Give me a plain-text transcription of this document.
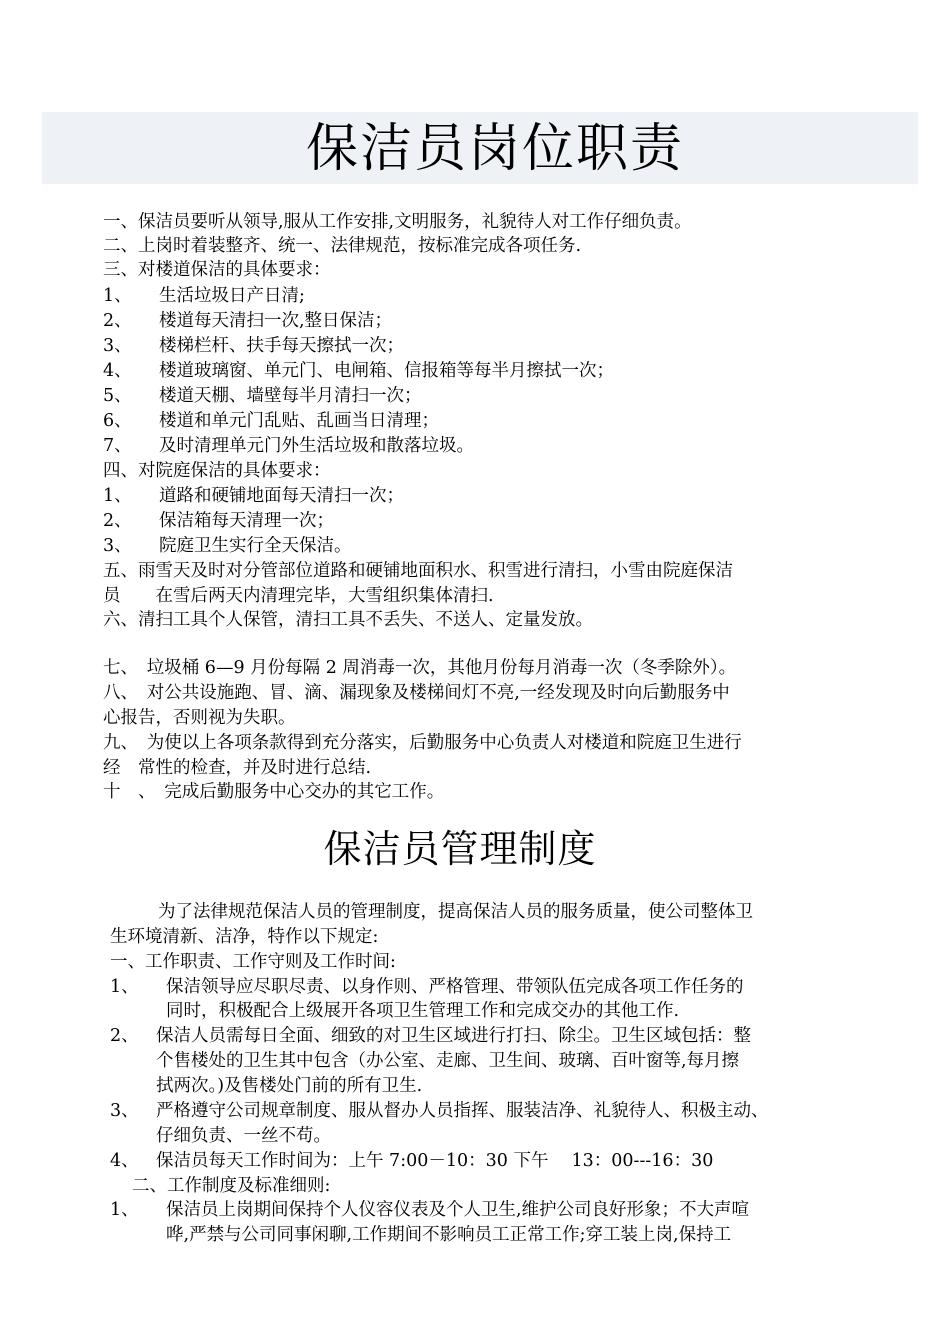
保洁员岗位职责
一、保洁员要听从领导,服从工作安排,文明服务，礼貌待人对工作仔细负责。
二、上岗时着装整齐、统一、法律规范，按标准完成各项任务.
三、对楼道保洁的具体要求：
1、 生活垃圾日产日清;
2、 楼道每天清扫一次,整日保洁；
3、 楼梯栏杆、扶手每天擦拭一次；
4、 楼道玻璃窗、单元门、电闸箱、信报箱等每半月擦拭一次；
5、 楼道天棚、墙壁每半月清扫一次；
6、 楼道和单元门乱贴、乱画当日清理；
7、 及时清理单元门外生活垃圾和散落垃圾。
四、对院庭保洁的具体要求：
1、 道路和硬铺地面每天清扫一次；
2、 保洁箱每天清理一次；
3、 院庭卫生实行全天保洁。
五、雨雪天及时对分管部位道路和硬铺地面积水、积雪进行清扫，小雪由院庭保洁
员　　在雪后两天内清理完毕，大雪组织集体清扫.
六、清扫工具个人保管，清扫工具不丢失、不送人、定量发放。
七、　垃圾桶 6—9 月份每隔 2 周消毒一次，其他月份每月消毒一次（冬季除外）。
八、　对公共设施跑、冒、滴、漏现象及楼梯间灯不亮,一经发现及时向后勤服务中
心报告，否则视为失职。
九、　为使以上各项条款得到充分落实，后勤服务中心负责人对楼道和院庭卫生进行
经　常性的检查，并及时进行总结.
十　、　完成后勤服务中心交办的其它工作。
保洁员管理制度
为了法律规范保洁人员的管理制度，提高保洁人员的服务质量，使公司整体卫
生环境清新、洁净，特作以下规定:
一、工作职责、工作守则及工作时间:
1、 保洁领导应尽职尽责、以身作则、严格管理、带领队伍完成各项工作任务的
同时，积极配合上级展开各项卫生管理工作和完成交办的其他工作.
2、 保洁人员需每日全面、细致的对卫生区域进行打扫、除尘。卫生区域包括：整
个售楼处的卫生其中包含（办公室、走廊、卫生间、玻璃、百叶窗等,每月擦
拭两次。)及售楼处门前的所有卫生.
3、 严格遵守公司规章制度、服从督办人员指挥、服装洁净、礼貌待人、积极主动、
仔细负责、一丝不苟。
4、 保洁员每天工作时间为：上午 7:00－10：30 下午　 13：00---16：30
二、工作制度及标准细则:
1、 保洁员上岗期间保持个人仪容仪表及个人卫生,维护公司良好形象；不大声喧
哗,严禁与公司同事闲聊,工作期间不影响员工正常工作;穿工装上岗,保持工
